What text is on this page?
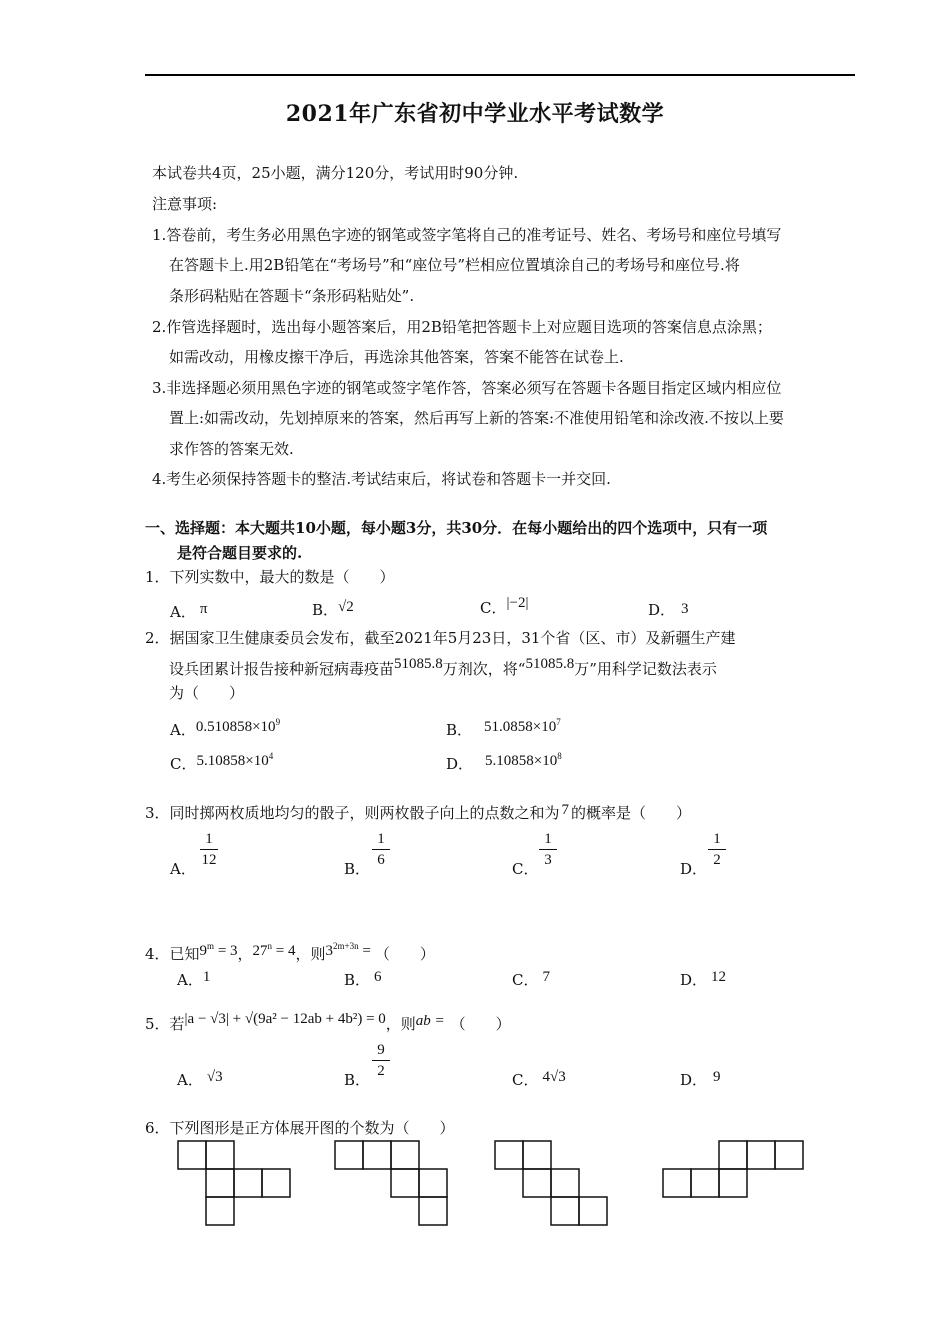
2021年广东省初中学业水平考试数学
本试卷共4页，25小题，满分120分，考试用时90分钟.
注意事项:
1.答卷前，考生务必用黑色字迹的钢笔或签字笔将自己的准考证号、姓名、考场号和座位号填写
在答题卡上.用2B铅笔在“考场号”和“座位号”栏相应位置填涂自己的考场号和座位号.将
条形码粘贴在答题卡“条形码粘贴处”.
2.作管选择题时，选出每小题答案后，用2B铅笔把答题卡上对应题目选项的答案信息点涂黑；
如需改动，用橡皮擦干净后，再选涂其他答案，答案不能答在试卷上.
3.非选择题必须用黑色字迹的钢笔或签字笔作答，答案必须写在答题卡各题目指定区域内相应位
置上:如需改动，先划掉原来的答案，然后再写上新的答案:不准使用铅笔和涂改液.不按以上要
求作答的答案无效.
4.考生必须保持答题卡的整洁.考试结束后，将试卷和答题卡一并交回.
一、选择题：本大题共10小题，每小题3分，共30分．在每小题给出的四个选项中，只有一项
是符合题目要求的.
1．下列实数中，最大的数是（　　）
A． π	B．√2	C．|−2|	D． 3
2．据国家卫生健康委员会发布，截至2021年5月23日，31个省（区、市）及新疆生产建
设兵团累计报告接种新冠病毒疫苗51085.8万剂次，将“51085.8万”用科学记数法表示
为（　　）
A．$0.510858\times 10^9$	B． $51.0858\times 10^7$
C．$5.10858\times 10^4$	D． $5.10858\times 10^8$
3．同时掷两枚质地均匀的骰子，则两枚骰子向上的点数之和为 7 的概率是（　　）
A．
1
12	B．
1
6	C．
1
3	D．
1
2
4．已知$9^m = 3$，$27^n = 4$，则$3^{2m+3n}$ = （　　）
A．1	B． 6	C． 7	D． 12
5．若|a − √3| + √(9a² − 12ab + 4b²) = 0，则ab = （　　）
A． √3	B．
9
2	C． 4√3	D． 9
6．下列图形是正方体展开图的个数为（　　）
